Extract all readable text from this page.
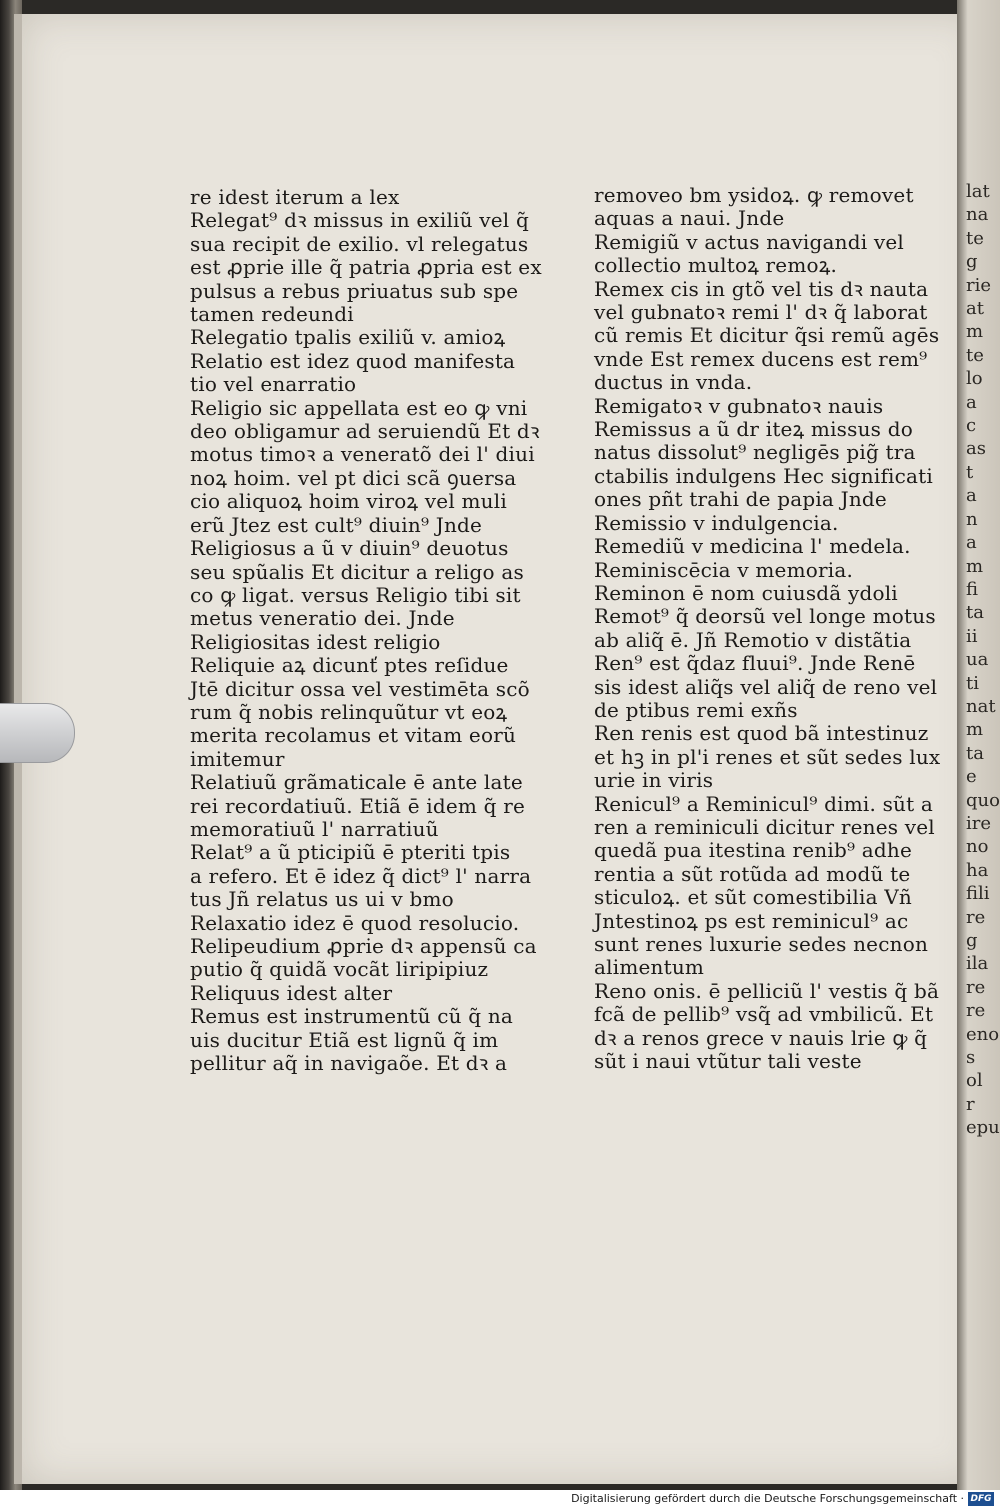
re idest iterum a lex
Relegat⁹ dꝛ missus in exiliũ vel q̃
sua recipit de exilio. vl relegatus
est ꝓprie ille q̃ patria ꝓpria est ex
pulsus a rebus priuatus sub spe
tamen redeundi
Relegatio tpalis exiliũ v. amioꝝ
Relatio est idez quod manifesta
tio vel enarratio
Religio sic appellata est eo ꝙ vni
deo obligamur ad seruiendũ Et dꝛ
motus timoꝛ a veneratõ dei l' diui
noꝝ hoim. vel pt dici scã ꝯuersa
cio aliquoꝝ hoim viroꝝ vel muli
erũ Jtez est cult⁹ diuin⁹ Jnde
Religiosus a ũ v diuin⁹ deuotus
seu spũalis Et dicitur a religo as
co ꝙ ligat. versus Religio tibi sit
metus veneratio dei. Jnde
Religiositas idest religio
Reliquie aꝝ dicunť ptes reſidue
Jtē dicitur ossa vel vestimēta scõ
rum q̃ nobis relinquũtur vt eoꝝ
merita recolamus et vitam eorũ
imitemur
Relatiuũ grãmaticale ē ante late
rei recordatiuũ. Etiã ē idem q̃ re
memoratiuũ l' narratiuũ
Relat⁹ a ũ pticipiũ ē pteriti tpis
a refero. Et ē idez q̃ dict⁹ l' narra
tus Jñ relatus us ui v bmo
Relaxatio idez ē quod resolucio.
Relipeudium ꝓprie dꝛ appensũ ca
putio q̃ quidã vocãt liripipiuz
Reliquus idest alter
Remus est instrumentũ cũ q̃ na
uis ducitur Etiã est lignũ q̃ im
pellitur aq̃ in navigaõe. Et dꝛ a
removeo bm ysidoꝝ. ꝙ removet
aquas a naui. Jnde
Remigiũ v actus navigandi vel
collectio multoꝝ remoꝝ.
Remex cis in gtõ vel tis dꝛ nauta
vel gubnatoꝛ remi l' dꝛ q̃ laborat
cũ remis Et dicitur q̃si remũ agēs
vnde Est remex ducens est rem⁹
ductus in vnda.
Remigatoꝛ v gubnatoꝛ nauis
Remissus a ũ dr iteꝝ missus do
natus dissolut⁹ negligēs pig̃ tra
ctabilis indulgens Hec significati
ones pñt trahi de papia Jnde
Remissio v indulgencia.
Remediũ v medicina l' medela.
Reminiscēcia v memoria.
Reminon ē nom cuiusdã ydoli
Remot⁹ q̃ deorsũ vel longe motus
ab aliq̃ ē. Jñ Remotio v distãtia
Ren⁹ est q̃daz fluui⁹. Jnde Renē
sis idest aliq̃s vel aliq̃ de reno vel
de ptibus remi exñs
Ren renis est quod bã intestinuz
et hꝫ in pl'i renes et sũt sedes lux
urie in viris
Renicul⁹ a Reminicul⁹ dimi. sũt a
ren a reminiculi dicitur renes vel
quedã pua itestina renib⁹ adhe
rentia a sũt rotũda ad modũ te
sticuloꝝ. et sũt comestibilia Vñ
Jntestinoꝝ ps est reminicul⁹ ac
sunt renes luxurie sedes necnon
alimentum
Reno onis. ē pelliciũ l' vestis q̃ bã
fcã de pellib⁹ vsq̃ ad vmbilicũ. Et
dꝛ a renos grece v nauis lrie ꝙ q̃
sũt i naui vtũtur tali veste
lat
na
te
g
rie
at
m
te
lo
a
c
as
t
a
n
a
m
fi
ta
ii
ua
ti
nat
m
ta
e
quo
ire
no
ha
fili
re
g
ila
re
re
eno
s
ol
r
epu
Digitalisierung gefördert durch die Deutsche Forschungsgemeinschaft · DFG
